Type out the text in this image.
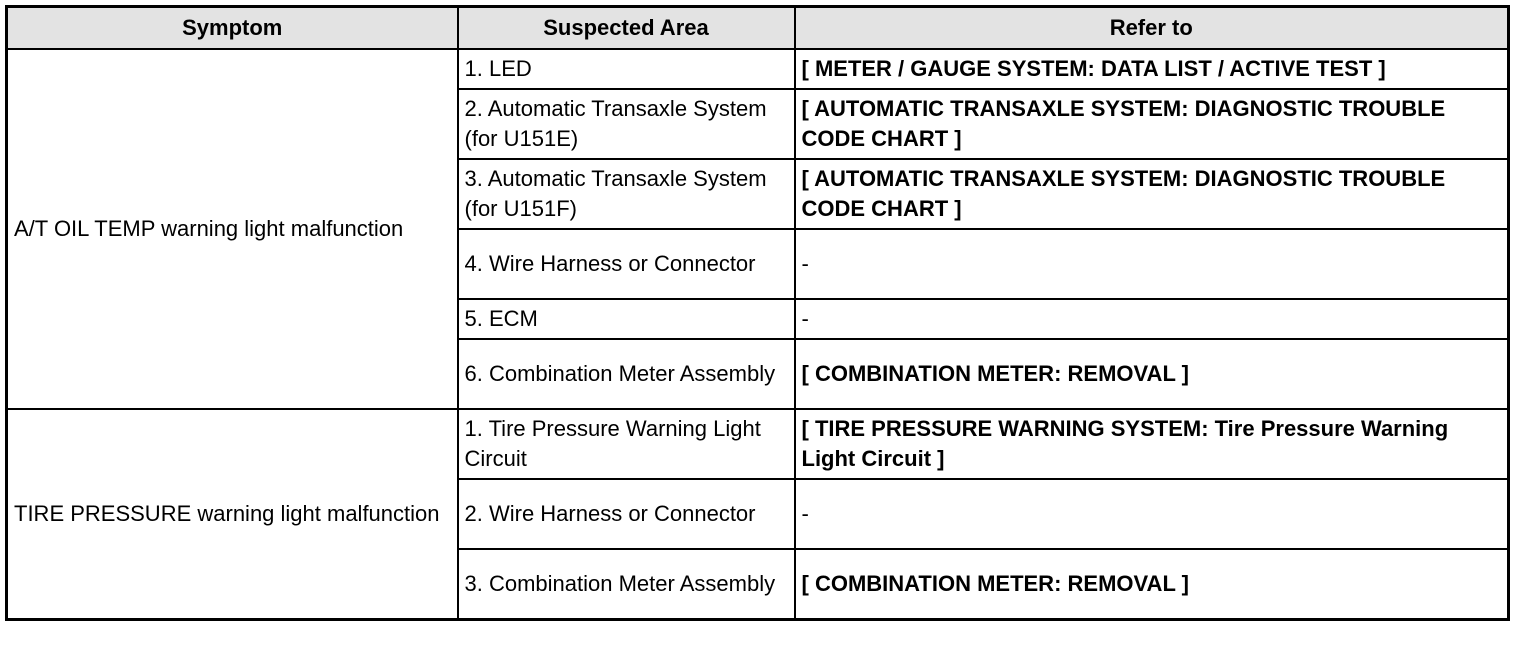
Symptom	Suspected Area	Refer to
A/T OIL TEMP warning light malfunction	1. LED	[ METER / GAUGE SYSTEM: DATA LIST / ACTIVE TEST ]
	2. Automatic Transaxle System (for U151E)	[ AUTOMATIC TRANSAXLE SYSTEM: DIAGNOSTIC TROUBLE CODE CHART ]
	3. Automatic Transaxle System (for U151F)	[ AUTOMATIC TRANSAXLE SYSTEM: DIAGNOSTIC TROUBLE CODE CHART ]
	4. Wire Harness or Connector	-
	5. ECM	-
	6. Combination Meter Assembly	[ COMBINATION METER: REMOVAL ]
TIRE PRESSURE warning light malfunction	1. Tire Pressure Warning Light Circuit	[ TIRE PRESSURE WARNING SYSTEM: Tire Pressure Warning Light Circuit ]
	2. Wire Harness or Connector	-
	3. Combination Meter Assembly	[ COMBINATION METER: REMOVAL ]
